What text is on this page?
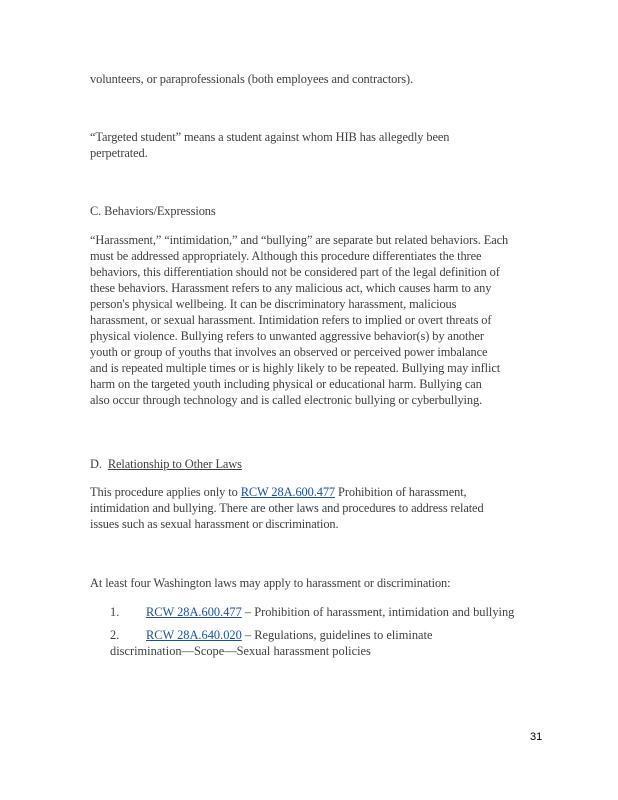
volunteers, or paraprofessionals (both employees and contractors).
“Targeted student” means a student against whom HIB has allegedly been
perpetrated.
C. Behaviors/Expressions
“Harassment,” “intimidation,” and “bullying” are separate but related behaviors. Each
must be addressed appropriately. Although this procedure differentiates the three
behaviors, this differentiation should not be considered part of the legal definition of
these behaviors. Harassment refers to any malicious act, which causes harm to any
person's physical wellbeing. It can be discriminatory harassment, malicious
harassment, or sexual harassment. Intimidation refers to implied or overt threats of
physical violence. Bullying refers to unwanted aggressive behavior(s) by another
youth or group of youths that involves an observed or perceived power imbalance
and is repeated multiple times or is highly likely to be repeated. Bullying may inflict
harm on the targeted youth including physical or educational harm. Bullying can
also occur through technology and is called electronic bullying or cyberbullying.
D. Relationship to Other Laws
This procedure applies only to RCW 28A.600.477 Prohibition of harassment,
intimidation and bullying. There are other laws and procedures to address related
issues such as sexual harassment or discrimination.
At least four Washington laws may apply to harassment or discrimination:
1. RCW 28A.600.477 – Prohibition of harassment, intimidation and bullying
2. RCW 28A.640.020 – Regulations, guidelines to eliminate
discrimination—Scope—Sexual harassment policies
31
